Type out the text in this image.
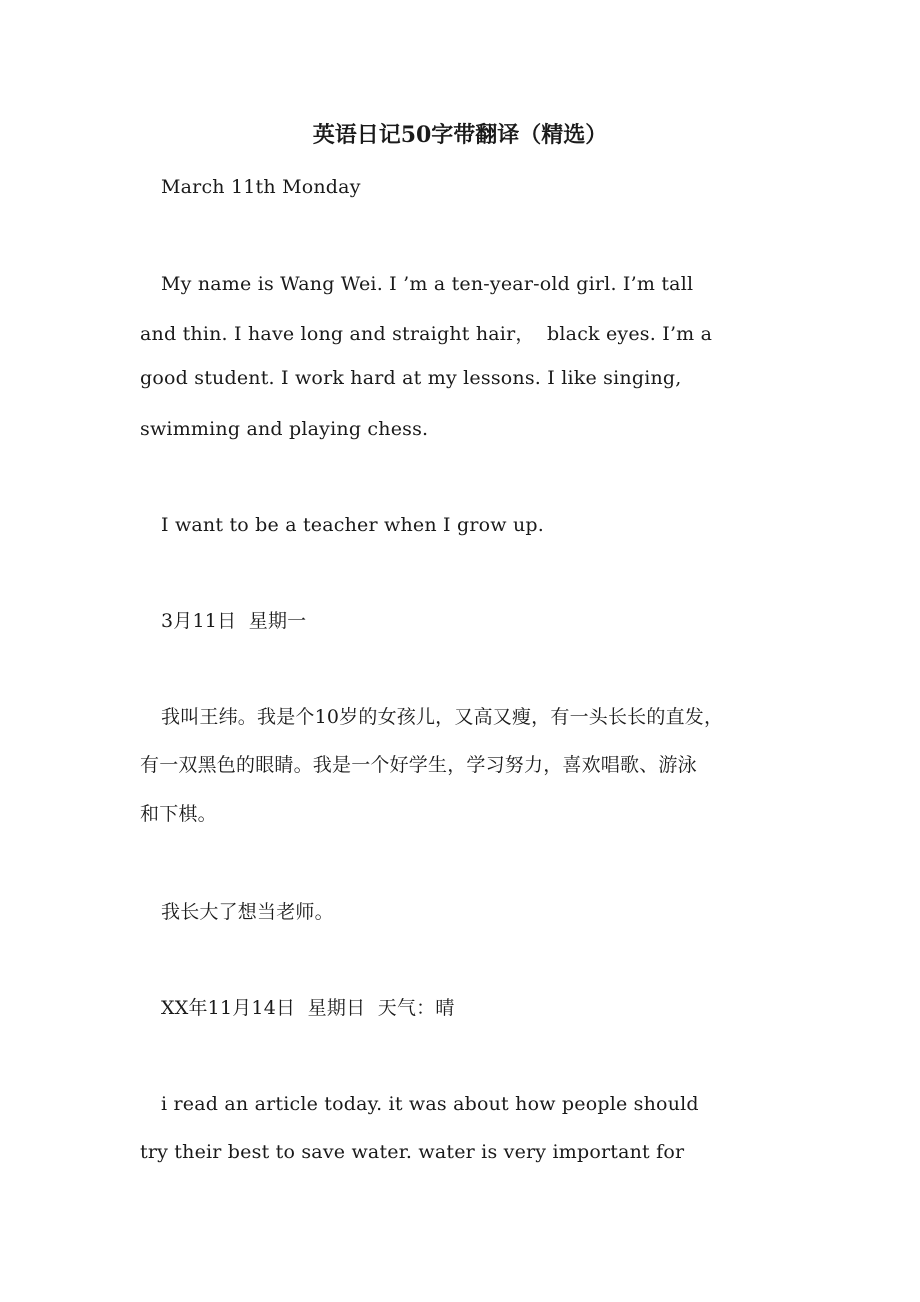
英语日记50字带翻译（精选）
March 11th Monday
My name is Wang Wei. I ’m a ten-year-old girl. I’m tall
and thin. I have long and straight hair，  black eyes. I’m a
good student. I work hard at my lessons. I like singing,
swimming and playing chess.
I want to be a teacher when I grow up.
3月11日  星期一
我叫王纬。我是个10岁的女孩儿，又高又瘦，有一头长长的直发，
有一双黑色的眼睛。我是一个好学生，学习努力，喜欢唱歌、游泳
和下棋。
我长大了想当老师。
XX年11月14日  星期日  天气：晴
i read an article today. it was about how people should
try their best to save water. water is very important for
